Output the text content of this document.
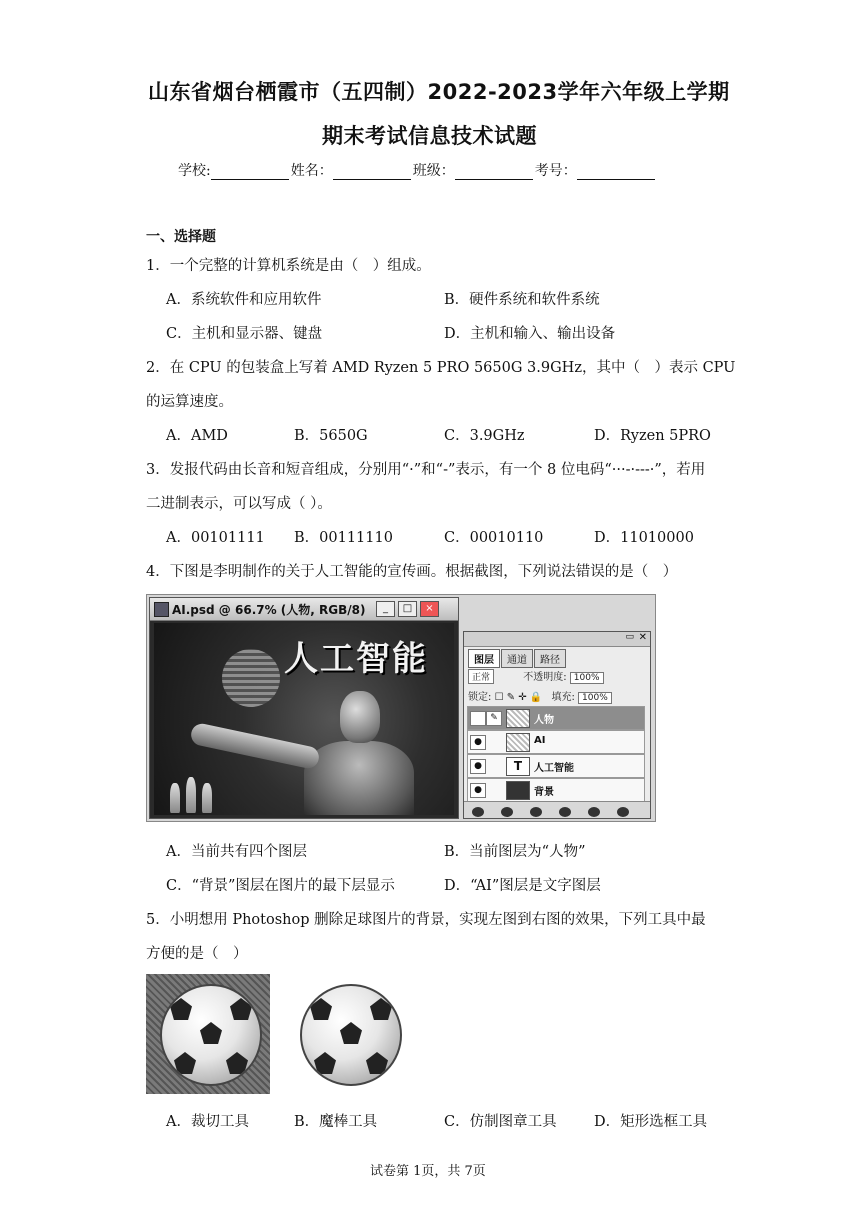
山东省烟台栖霞市（五四制）2022-2023学年六年级上学期
期末考试信息技术试题
学校:	姓名：	班级：	考号：
一、选择题
1．一个完整的计算机系统是由（　）组成。
A．系统软件和应用软件	B．硬件系统和软件系统
C．主机和显示器、键盘	D．主机和输入、输出设备
2．在 CPU 的包装盒上写着 AMD Ryzen 5 PRO 5650G 3.9GHz，其中（　）表示 CPU
的运算速度。
A．AMD	B．5650G	C．3.9GHz	D．Ryzen 5PRO
3．发报代码由长音和短音组成，分别用“·”和“-”表示，有一个 8 位电码“···-·---·”，若用
二进制表示，可以写成（ ）。
A．00101111 B．00111110	C．00010110	D．11010000
4．下图是李明制作的关于人工智能的宣传画。根据截图，下列说法错误的是（　）
AI.psd @ 66.7% (人物, RGB/8)	_	□	×
人工智能
▭ ✕
图层 通道 路径
正常	不透明度: 100%
锁定: ☐ ✎ ✛ 🔒 填充: 100%
✎	人物
●	AI
●	T	人工智能
●	背景

A．当前共有四个图层	B．当前图层为“人物”
C．“背景”图层在图片的最下层显示	D．“AI”图层是文字图层
5．小明想用 Photoshop 删除足球图片的背景，实现左图到右图的效果，下列工具中最
方便的是（　）
A．裁切工具	B．魔棒工具	C．仿制图章工具	D．矩形选框工具
试卷第 1页，共 7页
